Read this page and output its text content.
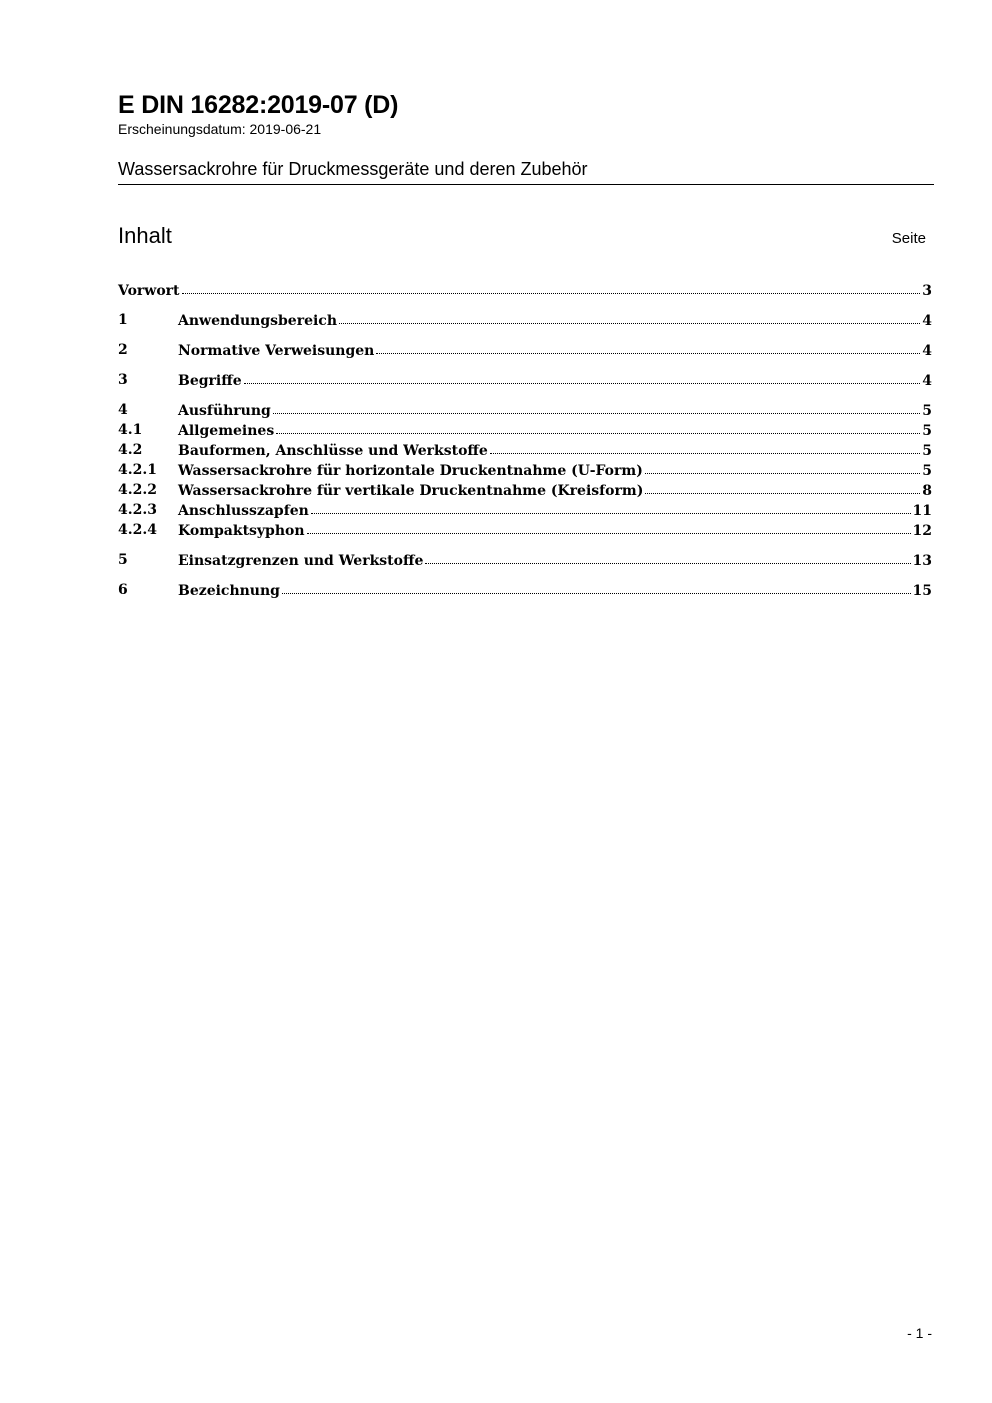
E DIN 16282:2019-07 (D)
Erscheinungsdatum: 2019-06-21
Wassersackrohre für Druckmessgeräte und deren Zubehör
Inhalt	Seite
Vorwort	3
1	Anwendungsbereich	4
2	Normative Verweisungen	4
3	Begriffe	4
4	Ausführung	5
4.1	Allgemeines	5
4.2	Bauformen, Anschlüsse und Werkstoffe	5
4.2.1 Wassersackrohre für horizontale Druckentnahme (U-Form)	5
4.2.2 Wassersackrohre für vertikale Druckentnahme (Kreisform)	8
4.2.3 Anschlusszapfen	11
4.2.4 Kompaktsyphon	12
5	Einsatzgrenzen und Werkstoffe	13
6	Bezeichnung	15
- 1 -
